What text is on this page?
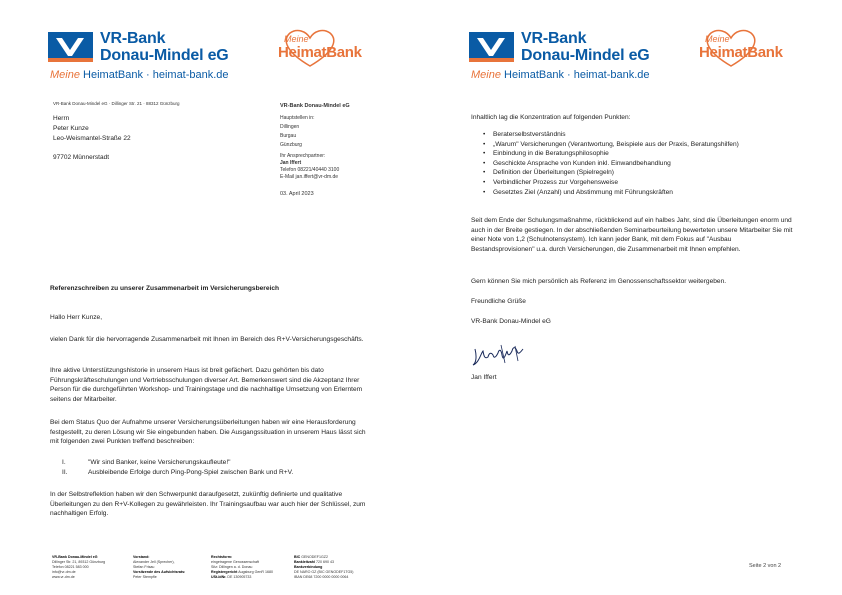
VR-Bank
Donau-Mindel eG
Meine HeimatBank · heimat-bank.de
Meine
HeimatBank
VR-Bank Donau-Mindel eG · Dillinger Str. 21 · 88312 Günzburg
Herrn
Peter Kunze
Leo-Weismantel-Straße 22
97702 Münnerstadt
VR-Bank Donau-Mindel eG
Hauptstellen in:
Dillingen
Burgau
Günzburg
Ihr Ansprechpartner:
Jan Iffert
Telefon 08221/40440 3100
E-Mail jan.iffert@vr-dm.de
03. April 2023
Referenzschreiben zu unserer Zusammenarbeit im Versicherungsbereich
Hallo Herr Kunze,
vielen Dank für die hervorragende Zusammenarbeit mit Ihnen im Bereich des R+V-Versicherungsgeschäfts.
Ihre aktive Unterstützungshistorie in unserem Haus ist breit gefächert. Dazu gehörten bis dato Führungskräfteschulungen und Vertriebsschulungen diverser Art. Bemerkenswert sind die Akzeptanz Ihrer Person für die durchgeführten Workshop- und Trainingstage und die nachhaltige Umsetzung von Erlerntem seitens der Mitarbeiter.
Bei dem Status Quo der Aufnahme unserer Versicherungsüberleitungen haben wir eine Herausforderung festgestellt, zu deren Lösung wir Sie eingebunden haben. Die Ausgangssituation in unserem Haus lässt sich mit folgenden zwei Punkten treffend beschreiben:
I.	"Wir sind Banker, keine Versicherungskaufleute!"
II.	Ausbleibende Erfolge durch Ping-Pong-Spiel zwischen Bank und R+V.
In der Selbstreflektion haben wir den Schwerpunkt daraufgesetzt, zukünftig definierte und qualitative Überleitungen zu den R+V-Kollegen zu gewährleisten. Ihr Trainingsaufbau war auch hier der Schlüssel, zum nachhaltigen Erfolg.
VR-Bank Donau-Mindel eG
Dillinger Str. 21, 89312 Günzburg
Telefon 08221 583 000
info@vr-dm.de
www.vr-dm.de
Vorstand:
Alexander Jell (Sprecher),
Stefan Frisau
Vorsitzende des Aufsichtsrats:
Peter Stempfle
Rechtsform:
eingetragene Genossenschaft
Sitz: Dillingen a. d. Donau
Registergericht Augsburg GenR 1680
USt-IdNr. DE 130905733
BIC GENODEF1GZ2
Bankleitzahl 720 690 43
Bankverbindung
DE NARO GZ (BIC GENODEF1TG5)
IBAN DE68 7200 0000 0000 0064
VR-Bank
Donau-Mindel eG
Meine HeimatBank · heimat-bank.de
Meine
HeimatBank
Inhaltlich lag die Konzentration auf folgenden Punkten:
• Beraterselbstverständnis
• „Warum" Versicherungen (Verantwortung, Beispiele aus der Praxis, Beratungshilfen)
• Einbindung in die Beratungsphilosophie
• Geschickte Ansprache von Kunden inkl. Einwandbehandlung
• Definition der Überleitungen (Spielregeln)
• Verbindlicher Prozess zur Vorgehensweise
• Gesetztes Ziel (Anzahl) und Abstimmung mit Führungskräften
Seit dem Ende der Schulungsmaßnahme, rückblickend auf ein halbes Jahr, sind die Überleitungen enorm und auch in der Breite gestiegen. In der abschließenden Seminarbeurteilung bewerteten unsere Mitarbeiter Sie mit einer Note von 1,2 (Schulnotensystem). Ich kann jeder Bank, mit dem Fokus auf "Ausbau Bestandsprovisionen" u.a. durch Versicherungen, die Zusammenarbeit mit Ihnen empfehlen.
Gern können Sie mich persönlich als Referenz im Genossenschaftssektor weitergeben.
Freundliche Grüße
VR-Bank Donau-Mindel eG
Jan Iffert
Seite 2 von 2
